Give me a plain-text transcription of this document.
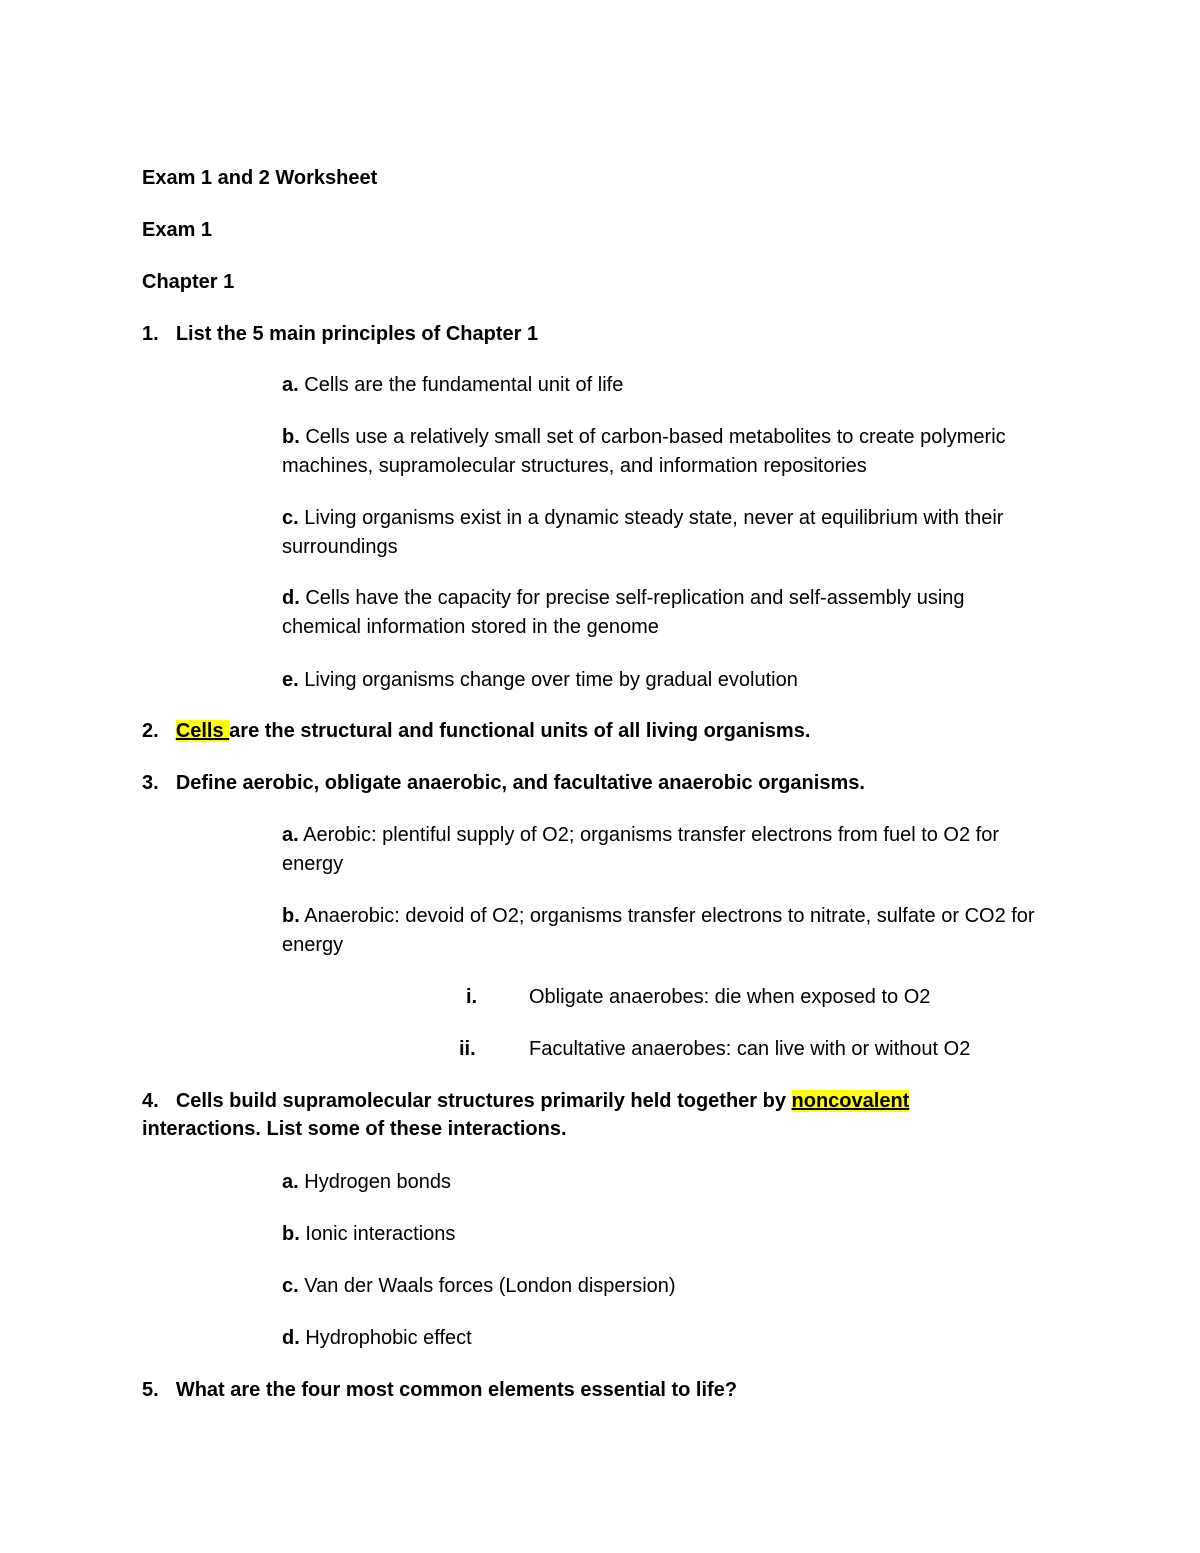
Exam 1 and 2 Worksheet
Exam 1
Chapter 1
1. List the 5 main principles of Chapter 1
a. Cells are the fundamental unit of life
b. Cells use a relatively small set of carbon-based metabolites to create polymeric machines, supramolecular structures, and information repositories
c. Living organisms exist in a dynamic steady state, never at equilibrium with their surroundings
d. Cells have the capacity for precise self-replication and self-assembly using chemical information stored in the genome
e. Living organisms change over time by gradual evolution
2. Cells are the structural and functional units of all living organisms.
3. Define aerobic, obligate anaerobic, and facultative anaerobic organisms.
a. Aerobic: plentiful supply of O2; organisms transfer electrons from fuel to O2 for energy
b. Anaerobic: devoid of O2; organisms transfer electrons to nitrate, sulfate or CO2 for energy
i.	Obligate anaerobes: die when exposed to O2
ii.	Facultative anaerobes: can live with or without O2
4. Cells build supramolecular structures primarily held together by noncovalent
interactions. List some of these interactions.
a. Hydrogen bonds
b. Ionic interactions
c. Van der Waals forces (London dispersion)
d. Hydrophobic effect
5. What are the four most common elements essential to life?
